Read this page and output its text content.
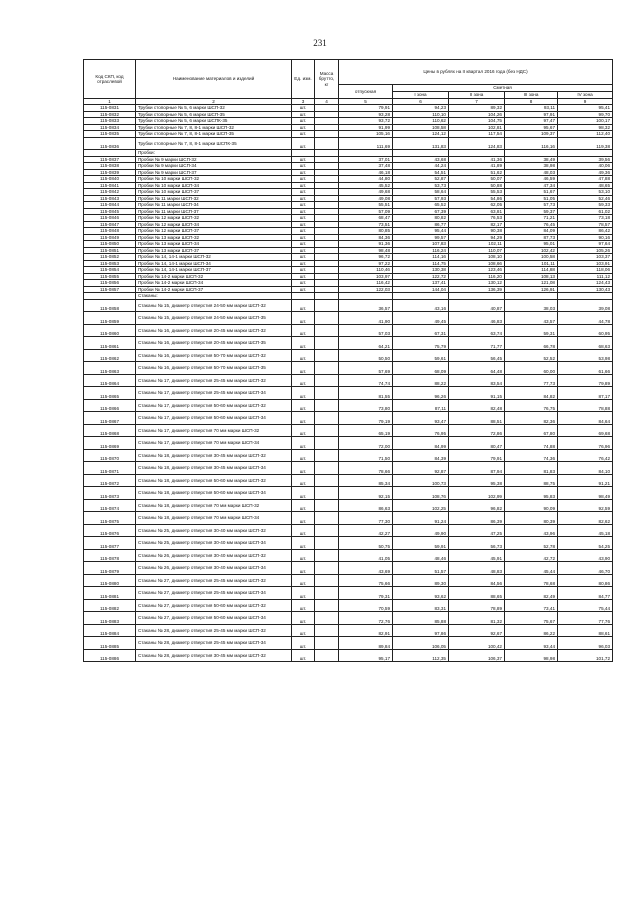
231
Код СКП, код отраслевой	Наименование материалов и изделий	Ед. изм.	Масса брутто, кг	Цены в рублях на II квартал 2016 года (без НДС)				
				отпускная	Сметная			
					I зона	II зона	III зона	IV зона
1	2	3	4	5	6	7	8	9
115-0831	Трубки стопорные № 5, 6 марки ШСП-32	шт.		79,91	94,23	89,32	93,11	95,41
115-0832	Трубки стопорные № 5, 6 марки ШСП-35	шт.		93,28	110,10	104,26	97,91	99,70
115-0833	Трубки стопорные № 5, 6 марки ШСПК-35	шт.		93,72	110,62	104,75	97,47	100,17
115-0834	Трубки стопорные № 7, 8, 8-1 марки ШСП-32	шт.		91,99	108,58	102,81	95,67	98,32
115-0835	Трубки стопорные № 7, 8, 8-1 марки ШСП-35	шт.		105,16	124,12	117,54	109,37	112,40
115-0836	Трубки стопорные № 7, 8, 8-1 марки ШСПК-35	шт.		111,69	131,83	124,83	116,16	119,38
	Пробки:							
115-0837	Пробки № 9 марки ШСП-32	шт.		37,01	43,68	41,36	38,49	39,56
115-0838	Пробки № 9 марки ШСП-34	шт.		37,48	44,24	41,89	38,98	40,06
115-0839	Пробки № 9 марки ШСП-37	шт.		46,18	54,51	51,62	48,03	49,36
115-0840	Пробки № 10 марки ШСП-32	шт.		44,80	52,87	50,07	46,59	47,88
115-0841	Пробки № 10 марки ШСП-34	шт.		45,52	53,73	50,88	47,34	48,65
115-0842	Пробки № 10 марки ШСП-37	шт.		49,68	58,64	55,53	51,67	53,10
115-0843	Пробки № 11 марки ШСП-32	шт.		49,08	57,93	54,86	51,05	52,46
115-0844	Пробки № 11 марки ШСП-34	шт.		55,51	65,52	62,05	57,73	59,33
115-0845	Пробки № 11 марки ШСП-37	шт.		57,09	67,39	63,81	59,37	61,02
115-0846	Пробки № 12 марки ШСП-32	шт.		68,47	80,82	76,53	71,21	73,18
115-0847	Пробки № 12 марки ШСП-34	шт.		73,51	86,77	82,17	76,45	78,57
115-0848	Пробки № 12 марки ШСП-37	шт.		80,85	95,44	90,38	84,09	86,42
115-0849	Пробки № 13 марки ШСП-32	шт.		84,36	99,57	94,29	87,73	90,16
115-0850	Пробки № 13 марки ШСП-34	шт.		91,36	107,83	102,11	95,01	97,64
115-0851	Пробки № 13 марки ШСП-37	шт.		98,48	116,24	110,07	102,42	105,26
115-0852	Пробки № 14, 14-1 марки ШСП-32	шт.		96,72	114,16	108,10	100,58	103,37
115-0853	Пробки № 14, 14-1 марки ШСП-34	шт.		97,22	114,75	108,66	101,11	103,91
115-0854	Пробки № 14, 14-1 марки ШСП-37	шт.		110,46	130,38	123,46	114,88	118,06
115-0855	Пробки № 14-2 марки ШСП-32	шт.		103,97	122,72	116,20	108,13	111,12
115-0856	Пробки № 14-2 марки ШСП-34	шт.		116,42	137,41	130,12	121,08	124,43
115-0857	Пробки № 14-2 марки ШСП-37	шт.		122,03	144,04	136,39	126,91	130,43
	Стаканы:							
115-0858	Стаканы № 15, диаметр отверстия 24-50 мм марки ШСП-32	шт.		36,57	43,16	40,87	38,03	39,08
115-0859	Стаканы № 15, диаметр отверстия 24-50 мм марки ШСП-35	шт.		41,90	49,45	46,83	43,57	44,78
115-0860	Стаканы № 16, диаметр отверстия 20-45 мм марки ШСП-32	шт.		57,03	67,31	63,74	59,31	60,95
115-0861	Стаканы № 16, диаметр отверстия 20-45 мм марки ШСП-35	шт.		64,21	75,79	71,77	66,78	68,63
115-0862	Стаканы № 16, диаметр отверстия 50-70 мм марки ШСП-32	шт.		50,50	59,61	56,45	52,52	53,98
115-0863	Стаканы № 16, диаметр отверстия 50-70 мм марки ШСП-35	шт.		57,69	68,09	64,48	60,00	61,66
115-0864	Стаканы № 17, диаметр отверстия 25-45 мм марки ШСП-32	шт.		74,74	88,22	83,54	77,73	79,89
115-0865	Стаканы № 17, диаметр отверстия 25-45 мм марки ШСП-34	шт.		81,55	96,26	91,15	84,82	87,17
115-0866	Стаканы № 17, диаметр отверстия 50-60 мм марки ШСП-32	шт.		73,80	87,11	82,48	76,75	78,88
115-0867	Стаканы № 17, диаметр отверстия 50-60 мм марки ШСП-34	шт.		79,19	93,47	88,51	82,36	84,64
115-0868	Стаканы № 17, диаметр отверстия 70 мм марки ШСП-32	шт.		65,19	76,95	72,86	67,80	69,68
115-0869	Стаканы № 17, диаметр отверстия 70 мм марки ШСП-34	шт.		72,00	84,99	80,47	74,88	76,96
115-0870	Стаканы № 18, диаметр отверстия 30-45 мм марки ШСП-32	шт.		71,50	84,39	79,91	74,36	76,42
115-0871	Стаканы № 18, диаметр отверстия 30-45 мм марки ШСП-34	шт.		78,66	92,87	87,94	81,83	84,10
115-0872	Стаканы № 18, диаметр отверстия 50-60 мм марки ШСП-32	шт.		85,34	100,73	95,38	88,75	91,21
115-0873	Стаканы № 18, диаметр отверстия 50-60 мм марки ШСП-34	шт.		92,15	108,76	102,99	95,83	98,49
115-0874	Стаканы № 18, диаметр отверстия 70 мм марки ШСП-32	шт.		86,63	102,25	96,82	90,09	92,59
115-0875	Стаканы № 18, диаметр отверстия 70 мм марки ШСП-34	шт.		77,30	91,24	86,39	80,39	82,62
115-0876	Стаканы № 25, диаметр отверстия 30-40 мм марки ШСП-32	шт.		42,27	49,90	47,25	43,96	45,18
115-0877	Стаканы № 25, диаметр отверстия 30-40 мм марки ШСП-34	шт.		50,75	59,91	56,73	52,78	54,25
115-0878	Стаканы № 26, диаметр отверстия 30-40 мм марки ШСП-32	шт.		41,05	48,46	45,91	42,72	43,90
115-0879	Стаканы № 26, диаметр отверстия 30-40 мм марки ШСП-34	шт.		43,69	51,57	48,83	45,44	46,70
115-0880	Стаканы № 27, диаметр отверстия 25-45 мм марки ШСП-32	шт.		75,66	89,30	84,56	78,68	80,86
115-0881	Стаканы № 27, диаметр отверстия 25-45 мм марки ШСП-34	шт.		79,31	93,62	88,65	82,49	84,77
115-0882	Стаканы № 27, диаметр отверстия 50-60 мм марки ШСП-32	шт.		70,59	83,31	78,89	73,41	75,44
115-0883	Стаканы № 27, диаметр отверстия 50-60 мм марки ШСП-34	шт.		72,76	85,88	81,32	75,67	77,76
115-0884	Стаканы № 28, диаметр отверстия 25-45 мм марки ШСП-32	шт.		82,91	97,86	92,67	86,22	88,61
115-0885	Стаканы № 28, диаметр отверстия 25-45 мм марки ШСП-34	шт.		89,84	106,05	100,42	93,44	96,03
115-0886	Стаканы № 28, диаметр отверстия 30-45 мм марки ШСП-32	шт.		95,17	112,35	106,37	98,98	101,72
